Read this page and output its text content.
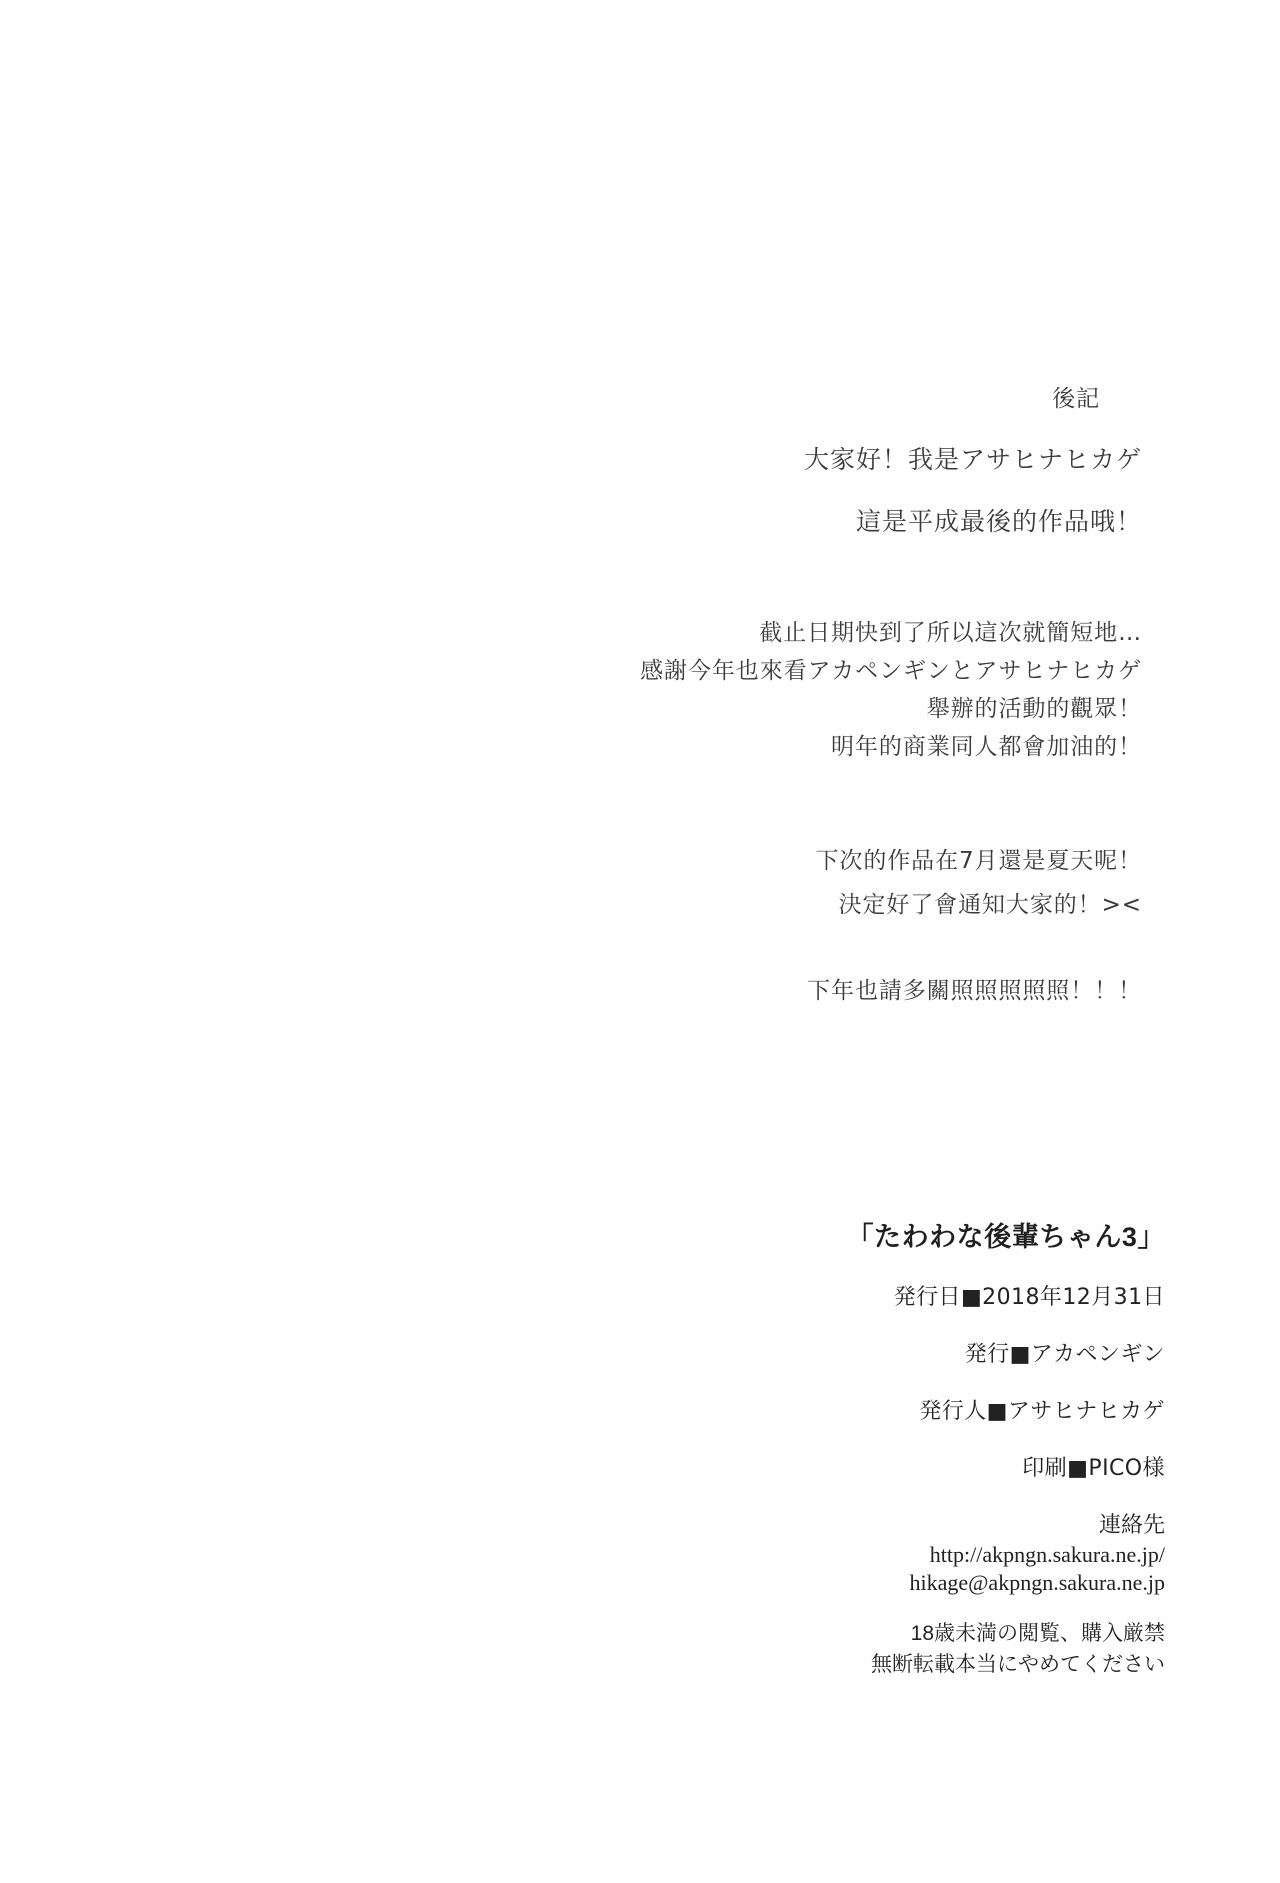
後記
大家好！我是アサヒナヒカゲ
這是平成最後的作品哦！
截止日期快到了所以這次就簡短地…
感謝今年也來看アカペンギンとアサヒナヒカゲ
舉辦的活動的觀眾！
明年的商業同人都會加油的！
下次的作品在7月還是夏天呢！
決定好了會通知大家的！><
下年也請多關照照照照照！！！
「たわわな後輩ちゃん3」

発行日■2018年12月31日

発行■アカペンギン

発行人■アサヒナヒカゲ

印刷■PICO様

連絡先

http://akpngn.sakura.ne.jp/

hikage@akpngn.sakura.ne.jp

18歳未満の閲覧、購入厳禁

無断転載本当にやめてください
